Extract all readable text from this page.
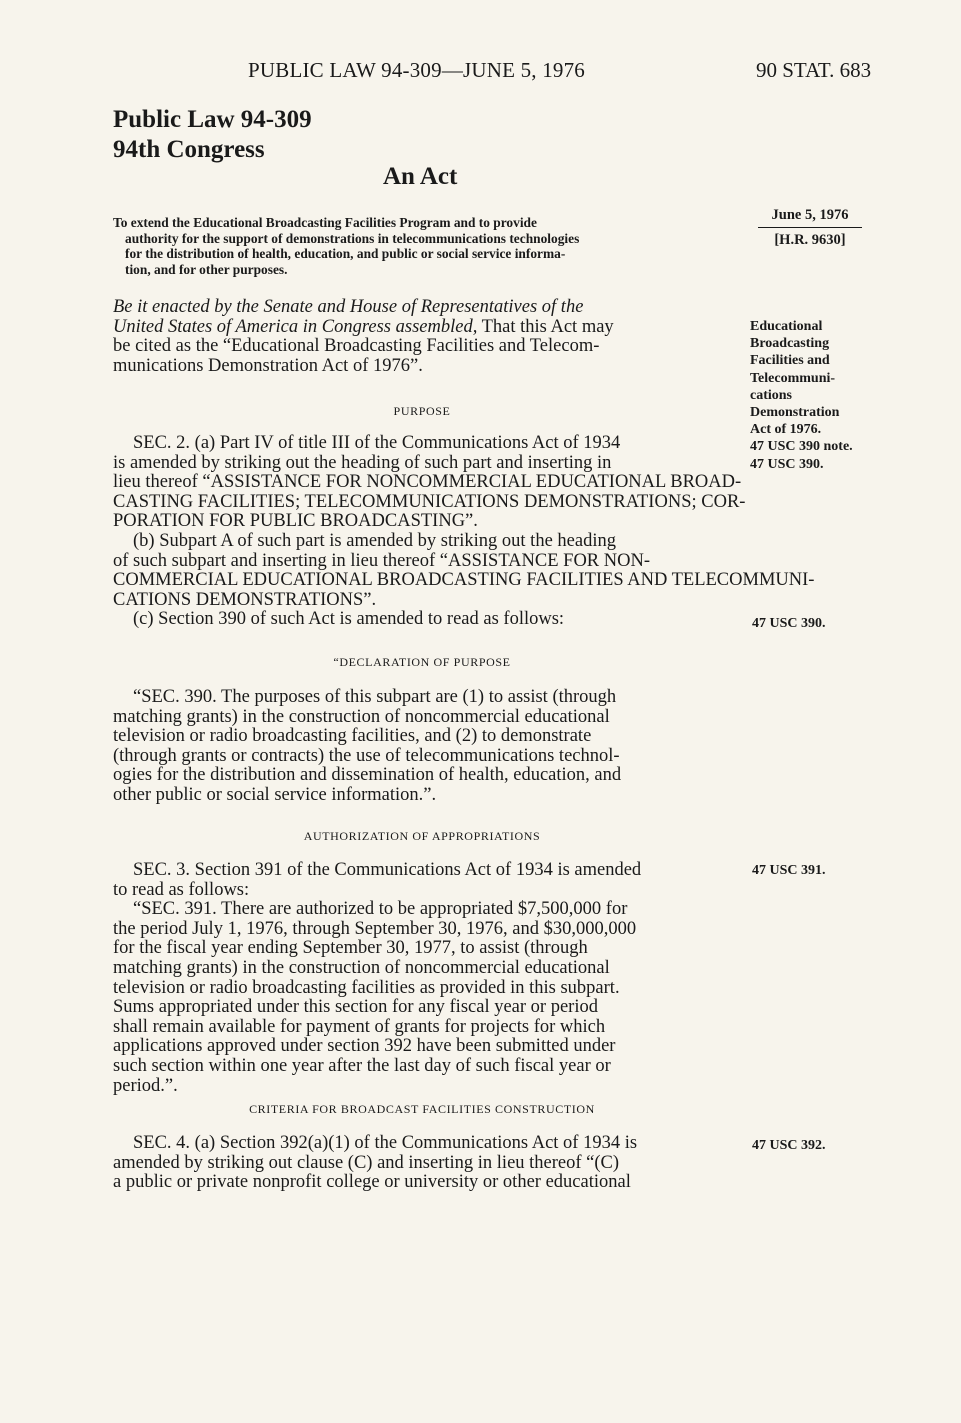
PUBLIC LAW 94-309—JUNE 5, 1976	90 STAT. 683
Public Law 94-309
94th Congress
An Act
To extend the Educational Broadcasting Facilities Program and to provide
authority for the support of demonstrations in telecommunications technologies
for the distribution of health, education, and public or social service informa-
tion, and for other purposes.
June 5, 1976
[H.R. 9630]
Be it enacted by the Senate and House of Representatives of the
United States of America in Congress assembled, That this Act may
be cited as the “Educational Broadcasting Facilities and Telecom-
munications Demonstration Act of 1976”.
PURPOSE
SEC. 2. (a) Part IV of title III of the Communications Act of 1934
is amended by striking out the heading of such part and inserting in
lieu thereof “ASSISTANCE FOR NONCOMMERCIAL EDUCATIONAL BROAD-
CASTING FACILITIES; TELECOMMUNICATIONS DEMONSTRATIONS; COR-
PORATION FOR PUBLIC BROADCASTING”.
(b) Subpart A of such part is amended by striking out the heading
of such subpart and inserting in lieu thereof “ASSISTANCE FOR NON-
COMMERCIAL EDUCATIONAL BROADCASTING FACILITIES AND TELECOMMUNI-
CATIONS DEMONSTRATIONS”.
(c) Section 390 of such Act is amended to read as follows:
“DECLARATION OF PURPOSE
“SEC. 390. The purposes of this subpart are (1) to assist (through
matching grants) in the construction of noncommercial educational
television or radio broadcasting facilities, and (2) to demonstrate
(through grants or contracts) the use of telecommunications technol-
ogies for the distribution and dissemination of health, education, and
other public or social service information.”.
AUTHORIZATION OF APPROPRIATIONS
SEC. 3. Section 391 of the Communications Act of 1934 is amended
to read as follows:
“SEC. 391. There are authorized to be appropriated $7,500,000 for
the period July 1, 1976, through September 30, 1976, and $30,000,000
for the fiscal year ending September 30, 1977, to assist (through
matching grants) in the construction of noncommercial educational
television or radio broadcasting facilities as provided in this subpart.
Sums appropriated under this section for any fiscal year or period
shall remain available for payment of grants for projects for which
applications approved under section 392 have been submitted under
such section within one year after the last day of such fiscal year or
period.”.
CRITERIA FOR BROADCAST FACILITIES CONSTRUCTION
SEC. 4. (a) Section 392(a)(1) of the Communications Act of 1934 is
amended by striking out clause (C) and inserting in lieu thereof “(C)
a public or private nonprofit college or university or other educational
Educational
Broadcasting
Facilities and
Telecommuni-
cations
Demonstration
Act of 1976.
47 USC 390 note.
47 USC 390.
47 USC 390.
47 USC 391.
47 USC 392.
